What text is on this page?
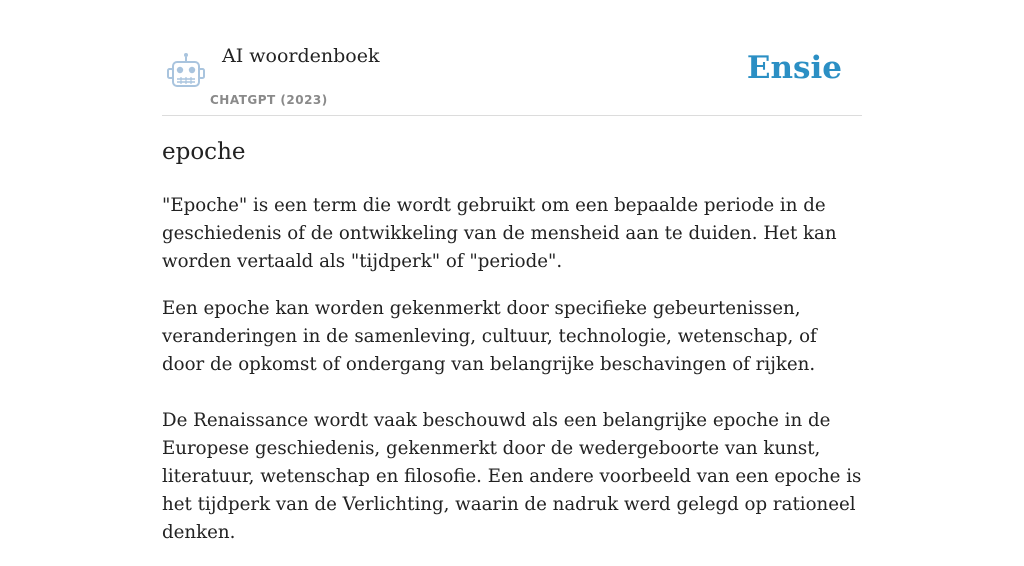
AI woordenboek
CHATGPT (2023)
Ensie
epoche

"Epoche" is een term die wordt gebruikt om een bepaalde periode in de geschiedenis of de ontwikkeling van de mensheid aan te duiden. Het kan worden vertaald als "tijdperk" of "periode".

Een epoche kan worden gekenmerkt door specifieke gebeurtenissen, veranderingen in de samenleving, cultuur, technologie, wetenschap, of door de opkomst of ondergang van belangrijke beschavingen of rijken.

De Renaissance wordt vaak beschouwd als een belangrijke epoche in de Europese geschiedenis, gekenmerkt door de wedergeboorte van kunst, literatuur, wetenschap en filosofie. Een andere voorbeeld van een epoche is het tijdperk van de Verlichting, waarin de nadruk werd gelegd op rationeel denken.
